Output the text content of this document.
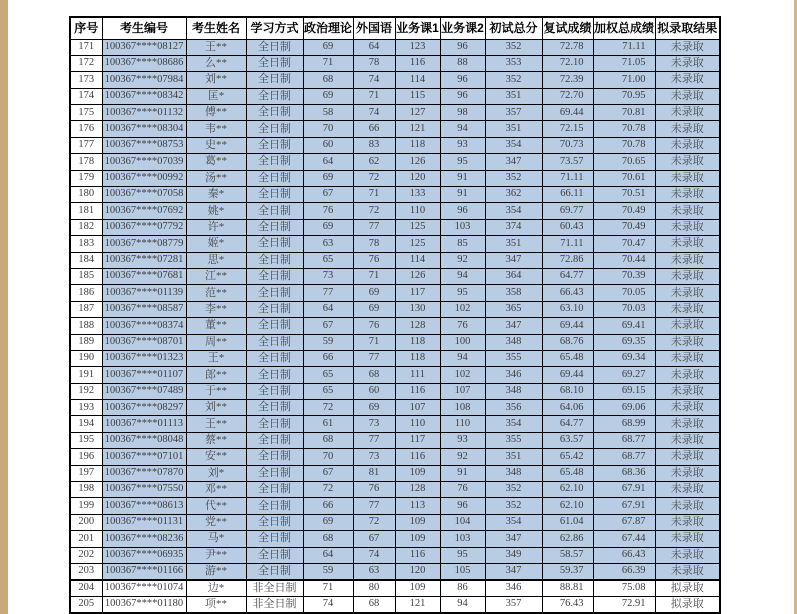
序号	考生编号	考生姓名	学习方式	政治理论	外国语	业务课1	业务课2	初试总分	复试成绩	加权总成绩	拟录取结果
171	100367****08127	王**	全日制	69	64	123	96	352	72.78	71.11	未录取
172	100367****08686	么**	全日制	71	78	116	88	353	72.10	71.05	未录取
173	100367****07984	刘**	全日制	68	74	114	96	352	72.39	71.00	未录取
174	100367****08342	匡*	全日制	69	71	115	96	351	72.70	70.95	未录取
175	100367****01132	傅**	全日制	58	74	127	98	357	69.44	70.81	未录取
176	100367****08304	韦**	全日制	70	66	121	94	351	72.15	70.78	未录取
177	100367****08753	史**	全日制	60	83	118	93	354	70.73	70.78	未录取
178	100367****07039	葛**	全日制	64	62	126	95	347	73.57	70.65	未录取
179	100367****00992	汤**	全日制	69	72	120	91	352	71.11	70.61	未录取
180	100367****07058	秦*	全日制	67	71	133	91	362	66.11	70.51	未录取
181	100367****07692	姚*	全日制	76	72	110	96	354	69.77	70.49	未录取
182	100367****07792	许*	全日制	69	77	125	103	374	60.43	70.49	未录取
183	100367****08779	姬*	全日制	63	78	125	85	351	71.11	70.47	未录取
184	100367****07281	思*	全日制	65	76	114	92	347	72.86	70.44	未录取
185	100367****07681	江**	全日制	73	71	126	94	364	64.77	70.39	未录取
186	100367****01139	范**	全日制	77	69	117	95	358	66.43	70.05	未录取
187	100367****08587	李**	全日制	64	69	130	102	365	63.10	70.03	未录取
188	100367****08374	董**	全日制	67	76	128	76	347	69.44	69.41	未录取
189	100367****08701	周**	全日制	59	71	118	100	348	68.76	69.35	未录取
190	100367****01323	王*	全日制	66	77	118	94	355	65.48	69.34	未录取
191	100367****01107	郎**	全日制	65	68	111	102	346	69.44	69.27	未录取
192	100367****07489	于**	全日制	65	60	116	107	348	68.10	69.15	未录取
193	100367****08297	刘**	全日制	72	69	107	108	356	64.06	69.06	未录取
194	100367****01113	王**	全日制	61	73	110	110	354	64.77	68.99	未录取
195	100367****08048	蔡**	全日制	68	77	117	93	355	63.57	68.77	未录取
196	100367****07101	安**	全日制	70	73	116	92	351	65.42	68.77	未录取
197	100367****07870	刘*	全日制	67	81	109	91	348	65.48	68.36	未录取
198	100367****07550	邓**	全日制	72	76	128	76	352	62.10	67.91	未录取
199	100367****08613	代**	全日制	66	77	113	96	352	62.10	67.91	未录取
200	100367****01131	党**	全日制	69	72	109	104	354	61.04	67.87	未录取
201	100367****08236	马*	全日制	68	67	109	103	347	62.86	67.44	未录取
202	100367****06935	尹**	全日制	64	74	116	95	349	58.57	66.43	未录取
203	100367****01166	游**	全日制	59	63	120	105	347	59.37	66.39	未录取
204	100367****01074	边*	非全日制	71	80	109	86	346	88.81	75.08	拟录取
205	100367****01180	项**	非全日制	74	68	121	94	357	76.43	72.91	拟录取
